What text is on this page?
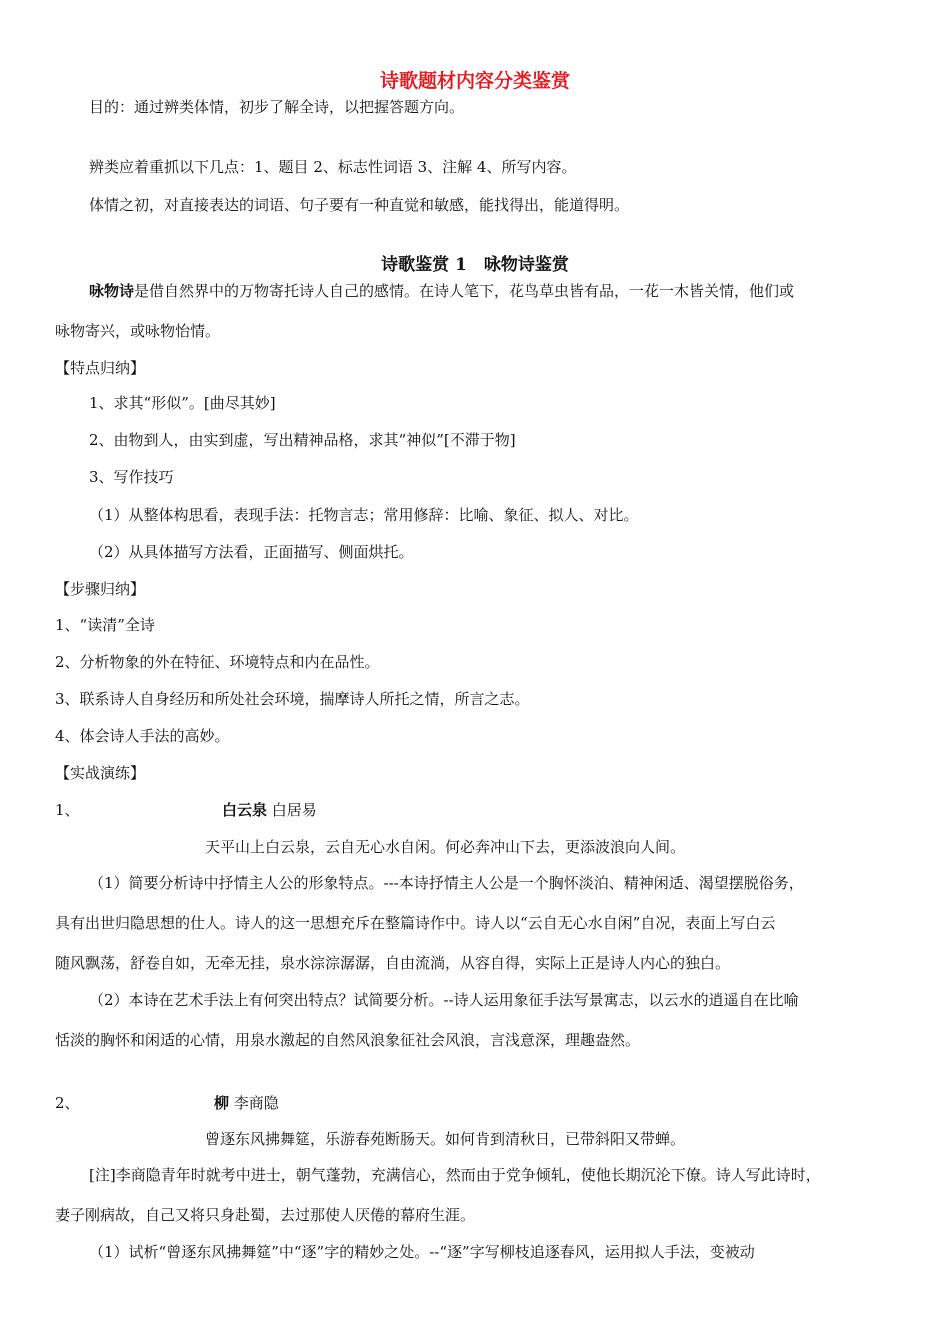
诗歌题材内容分类鉴赏
目的：通过辨类体情，初步了解全诗，以把握答题方向。
辨类应着重抓以下几点：1、题目 2、标志性词语 3、注解 4、所写内容。
体情之初，对直接表达的词语、句子要有一种直觉和敏感，能找得出，能道得明。
诗歌鉴赏 1　咏物诗鉴赏
咏物诗是借自然界中的万物寄托诗人自己的感情。在诗人笔下，花鸟草虫皆有品，一花一木皆关情，他们或
咏物寄兴，或咏物怡情。
【特点归纳】
1、求其“形似”。[曲尽其妙]
2、由物到人，由实到虚，写出精神品格，求其“神似”[不滞于物]
3、写作技巧
（1）从整体构思看，表现手法：托物言志；常用修辞：比喻、象征、拟人、对比。
（2）从具体描写方法看，正面描写、侧面烘托。
【步骤归纳】
1、“读清”全诗
2、分析物象的外在特征、环境特点和内在品性。
3、联系诗人自身经历和所处社会环境，揣摩诗人所托之情，所言之志。
4、体会诗人手法的高妙。
【实战演练】
1、	白云泉 白居易
天平山上白云泉，云自无心水自闲。何必奔冲山下去，更添波浪向人间。
（1）简要分析诗中抒情主人公的形象特点。---本诗抒情主人公是一个胸怀淡泊、精神闲适、渴望摆脱俗务，
具有出世归隐思想的仕人。诗人的这一思想充斥在整篇诗作中。诗人以“云自无心水自闲”自况，表面上写白云
随风飘荡，舒卷自如，无牵无挂，泉水淙淙潺潺，自由流淌，从容自得，实际上正是诗人内心的独白。
（2）本诗在艺术手法上有何突出特点？试简要分析。--诗人运用象征手法写景寓志，以云水的逍遥自在比喻
恬淡的胸怀和闲适的心情，用泉水激起的自然风浪象征社会风浪，言浅意深，理趣盎然。
2、	柳 李商隐
曾逐东风拂舞筵，乐游春苑断肠天。如何肯到清秋日，已带斜阳又带蝉。
[注]李商隐青年时就考中进士，朝气蓬勃，充满信心，然而由于党争倾轧，使他长期沉沦下僚。诗人写此诗时，
妻子刚病故，自己又将只身赴蜀，去过那使人厌倦的幕府生涯。
（1）试析“曾逐东风拂舞筵”中“逐”字的精妙之处。--“逐”字写柳枝追逐春风，运用拟人手法，变被动
